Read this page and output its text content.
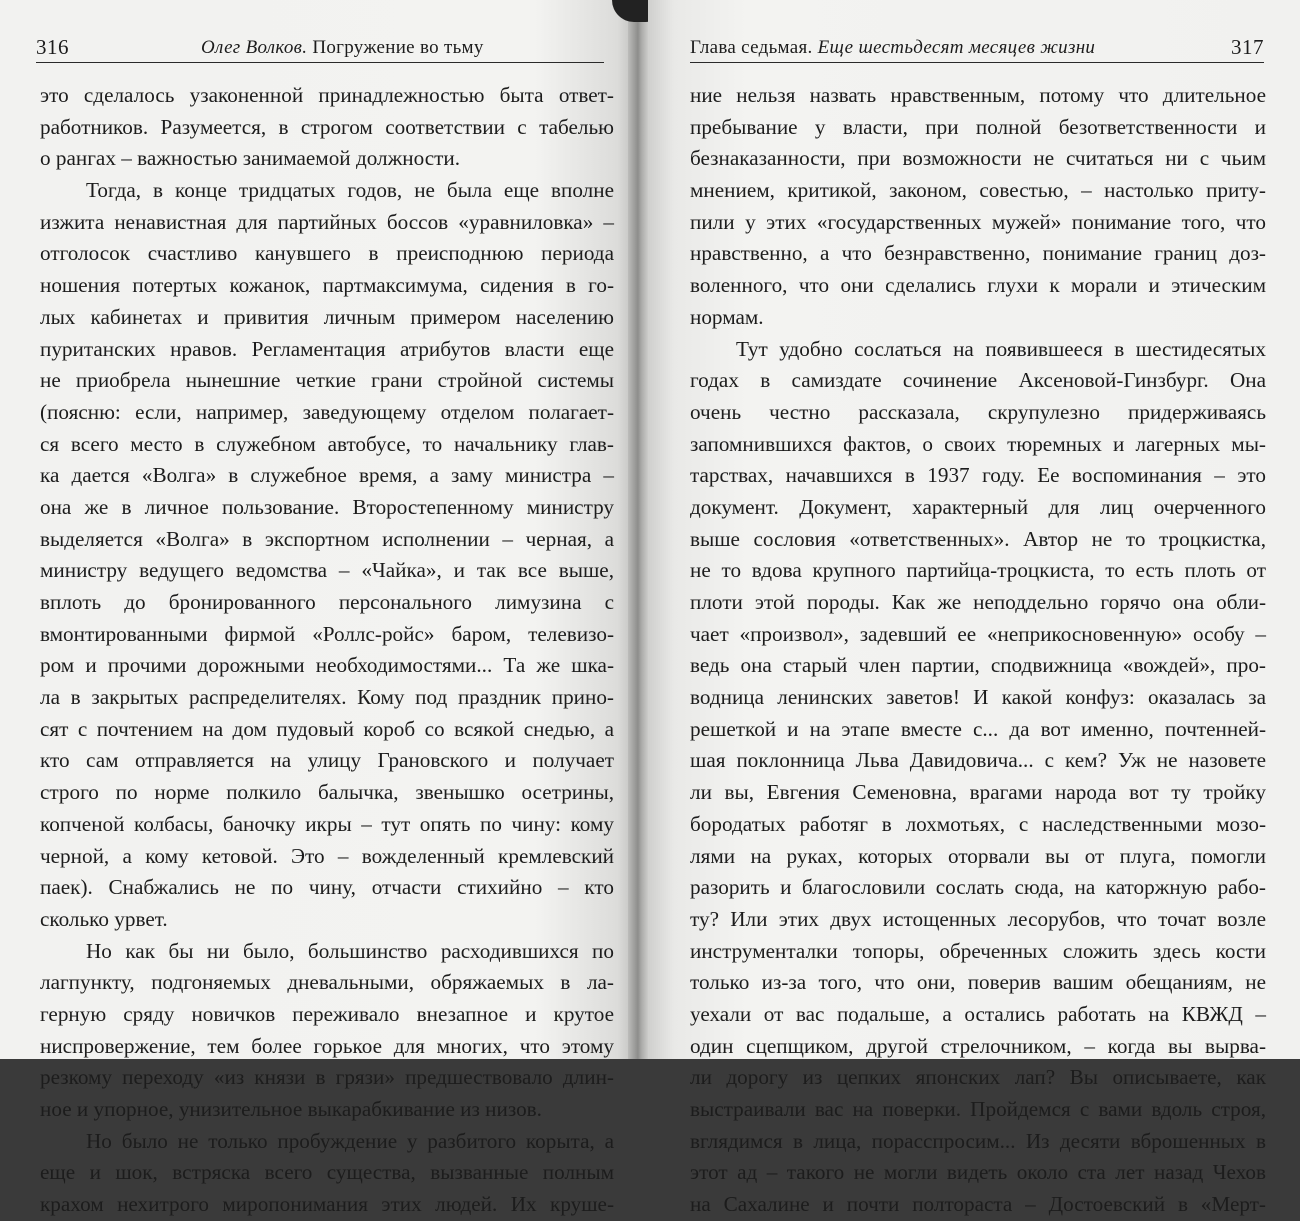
316	Олег Волков. Погружение во тьму
это сделалось узаконенной принадлежностью быта ответ-
работников. Разумеется, в строгом соответствии с табелью
о рангах – важностью занимаемой должности.
Тогда, в конце тридцатых годов, не была еще вполне
изжита ненавистная для партийных боссов «уравниловка» –
отголосок счастливо канувшего в преисподнюю периода
ношения потертых кожанок, партмаксимума, сидения в го-
лых кабинетах и привития личным примером населению
пуританских нравов. Регламентация атрибутов власти еще
не приобрела нынешние четкие грани стройной системы
(поясню: если, например, заведующему отделом полагает-
ся всего место в служебном автобусе, то начальнику глав-
ка дается «Волга» в служебное время, а заму министра –
она же в личное пользование. Второстепенному министру
выделяется «Волга» в экспортном исполнении – черная, а
министру ведущего ведомства – «Чайка», и так все выше,
вплоть до бронированного персонального лимузина с
вмонтированными фирмой «Роллс-ройс» баром, телевизо-
ром и прочими дорожными необходимостями... Та же шка-
ла в закрытых распределителях. Кому под праздник прино-
сят с почтением на дом пудовый короб со всякой снедью, а
кто сам отправляется на улицу Грановского и получает
строго по норме полкило балычка, звенышко осетрины,
копченой колбасы, баночку икры – тут опять по чину: кому
черной, а кому кетовой. Это – вожделенный кремлевский
паек). Снабжались не по чину, отчасти стихийно – кто
сколько урвет.
Но как бы ни было, большинство расходившихся по
лагпункту, подгоняемых дневальными, обряжаемых в ла-
герную сряду новичков переживало внезапное и крутое
ниспровержение, тем более горькое для многих, что этому
резкому переходу «из князи в грязи» предшествовало длин-
ное и упорное, унизительное выкарабкивание из низов.
Но было не только пробуждение у разбитого корыта, а
еще и шок, встряска всего существа, вызванные полным
крахом нехитрого миропонимания этих людей. Их круше-
Глава седьмая. Еще шестьдесят месяцев жизни	317
ние нельзя назвать нравственным, потому что длительное
пребывание у власти, при полной безответственности и
безнаказанности, при возможности не считаться ни с чьим
мнением, критикой, законом, совестью, – настолько приту-
пили у этих «государственных мужей» понимание того, что
нравственно, а что безнравственно, понимание границ доз-
воленного, что они сделались глухи к морали и этическим
нормам.
Тут удобно сослаться на появившееся в шестидесятых
годах в самиздате сочинение Аксеновой-Гинзбург. Она
очень честно рассказала, скрупулезно придерживаясь
запомнившихся фактов, о своих тюремных и лагерных мы-
тарствах, начавшихся в 1937 году. Ее воспоминания – это
документ. Документ, характерный для лиц очерченного
выше сословия «ответственных». Автор не то троцкистка,
не то вдова крупного партийца-троцкиста, то есть плоть от
плоти этой породы. Как же неподдельно горячо она обли-
чает «произвол», задевший ее «неприкосновенную» особу –
ведь она старый член партии, сподвижница «вождей», про-
водница ленинских заветов! И какой конфуз: оказалась за
решеткой и на этапе вместе с... да вот именно, почтенней-
шая поклонница Льва Давидовича... с кем? Уж не назовете
ли вы, Евгения Семеновна, врагами народа вот ту тройку
бородатых работяг в лохмотьях, с наследственными мозо-
лями на руках, которых оторвали вы от плуга, помогли
разорить и благословили сослать сюда, на каторжную рабо-
ту? Или этих двух истощенных лесорубов, что точат возле
инструменталки топоры, обреченных сложить здесь кости
только из-за того, что они, поверив вашим обещаниям, не
уехали от вас подальше, а остались работать на КВЖД –
один сцепщиком, другой стрелочником, – когда вы вырва-
ли дорогу из цепких японских лап? Вы описываете, как
выстраивали вас на поверки. Пройдемся с вами вдоль строя,
вглядимся в лица, порасспросим... Из десяти вброшенных в
этот ад – такого не могли видеть около ста лет назад Чехов
на Сахалине и почти полтораста – Достоевский в «Мерт-
